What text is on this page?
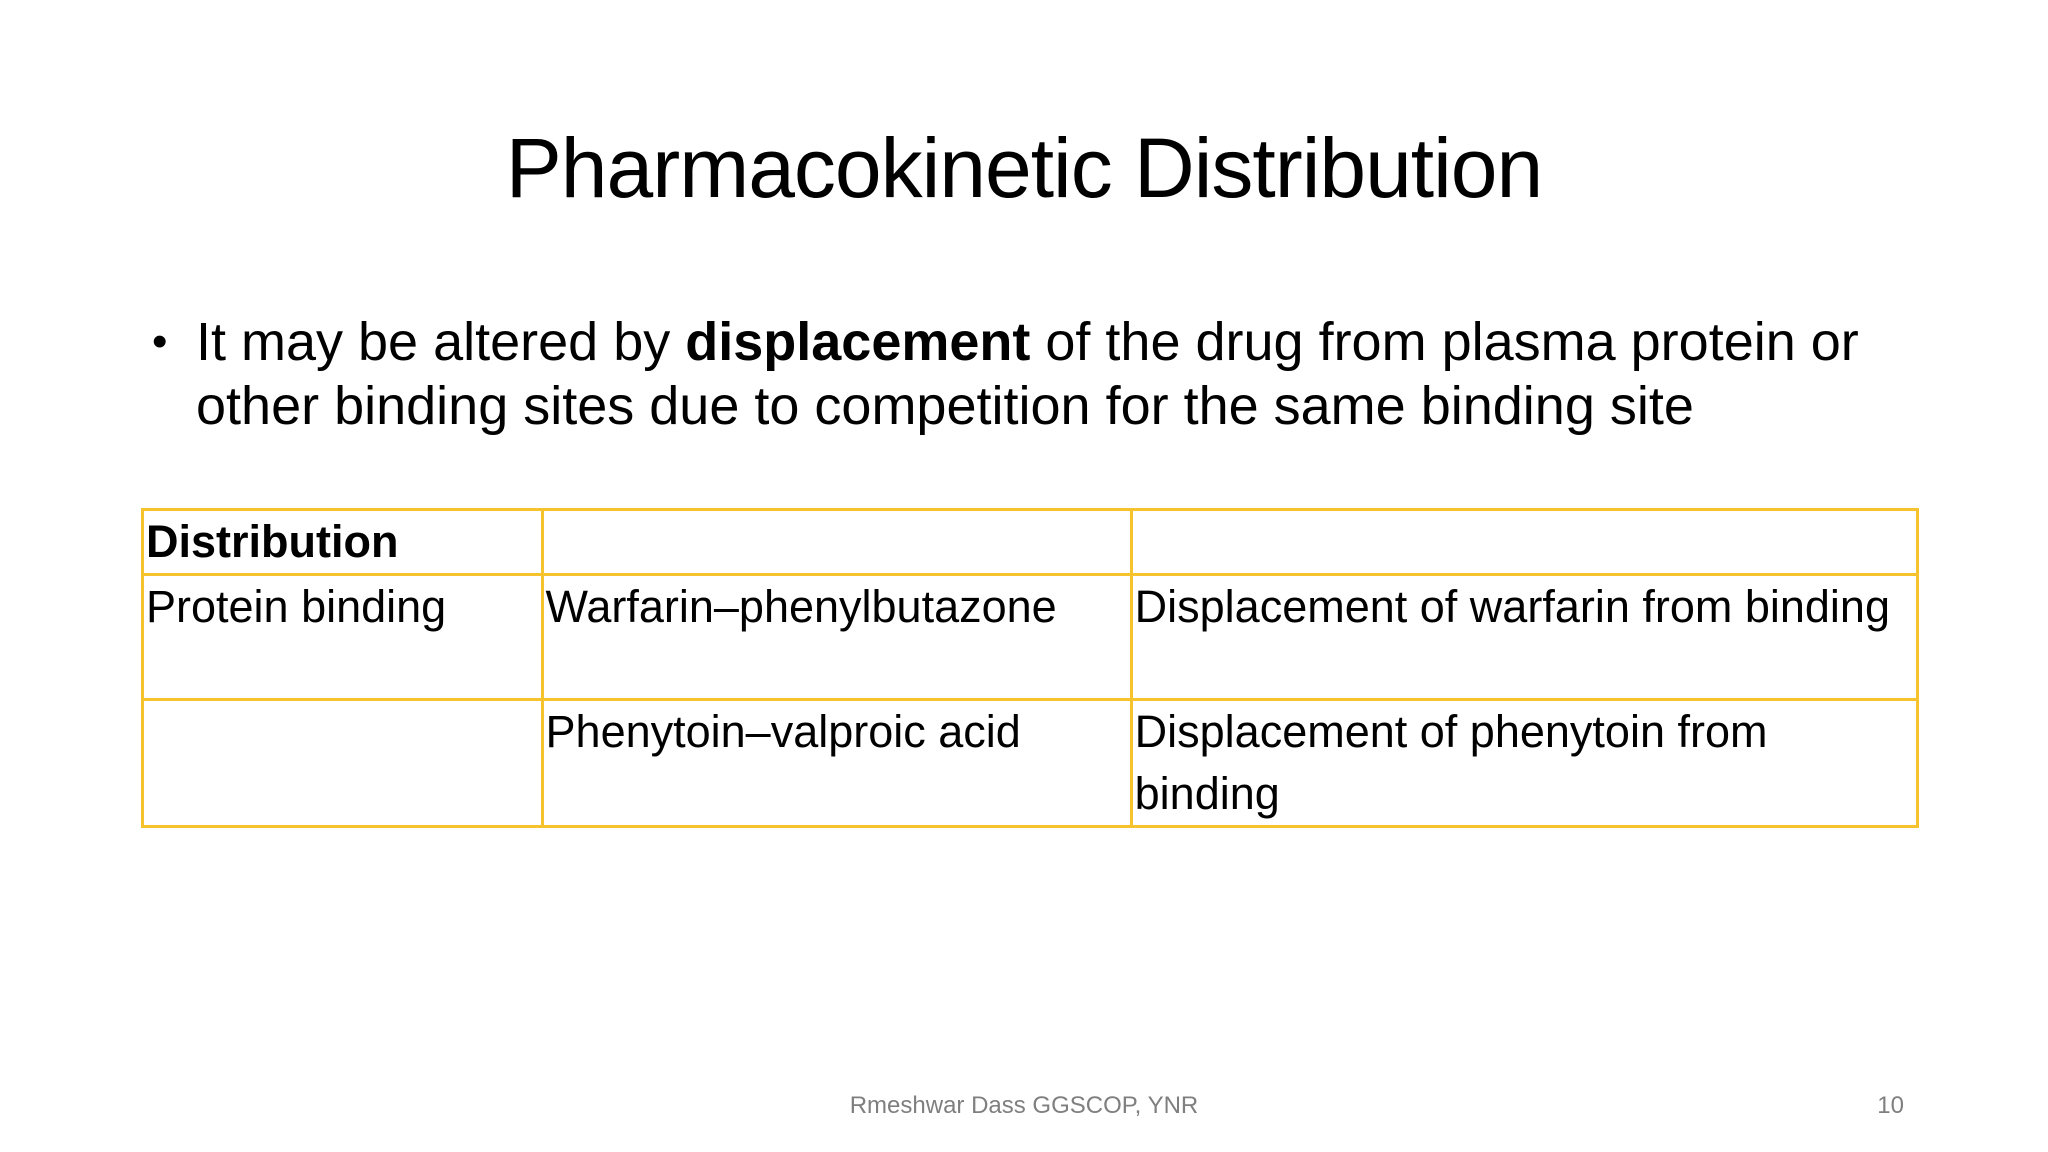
Pharmacokinetic Distribution
• It may be altered by displacement of the drug from plasma protein or other binding sites due to competition for the same binding site
Distribution		
Protein binding	Warfarin–phenylbutazone	Displacement of warfarin from binding
	Phenytoin–valproic acid	Displacement of phenytoin from binding
Rmeshwar Dass GGSCOP, YNR	10
